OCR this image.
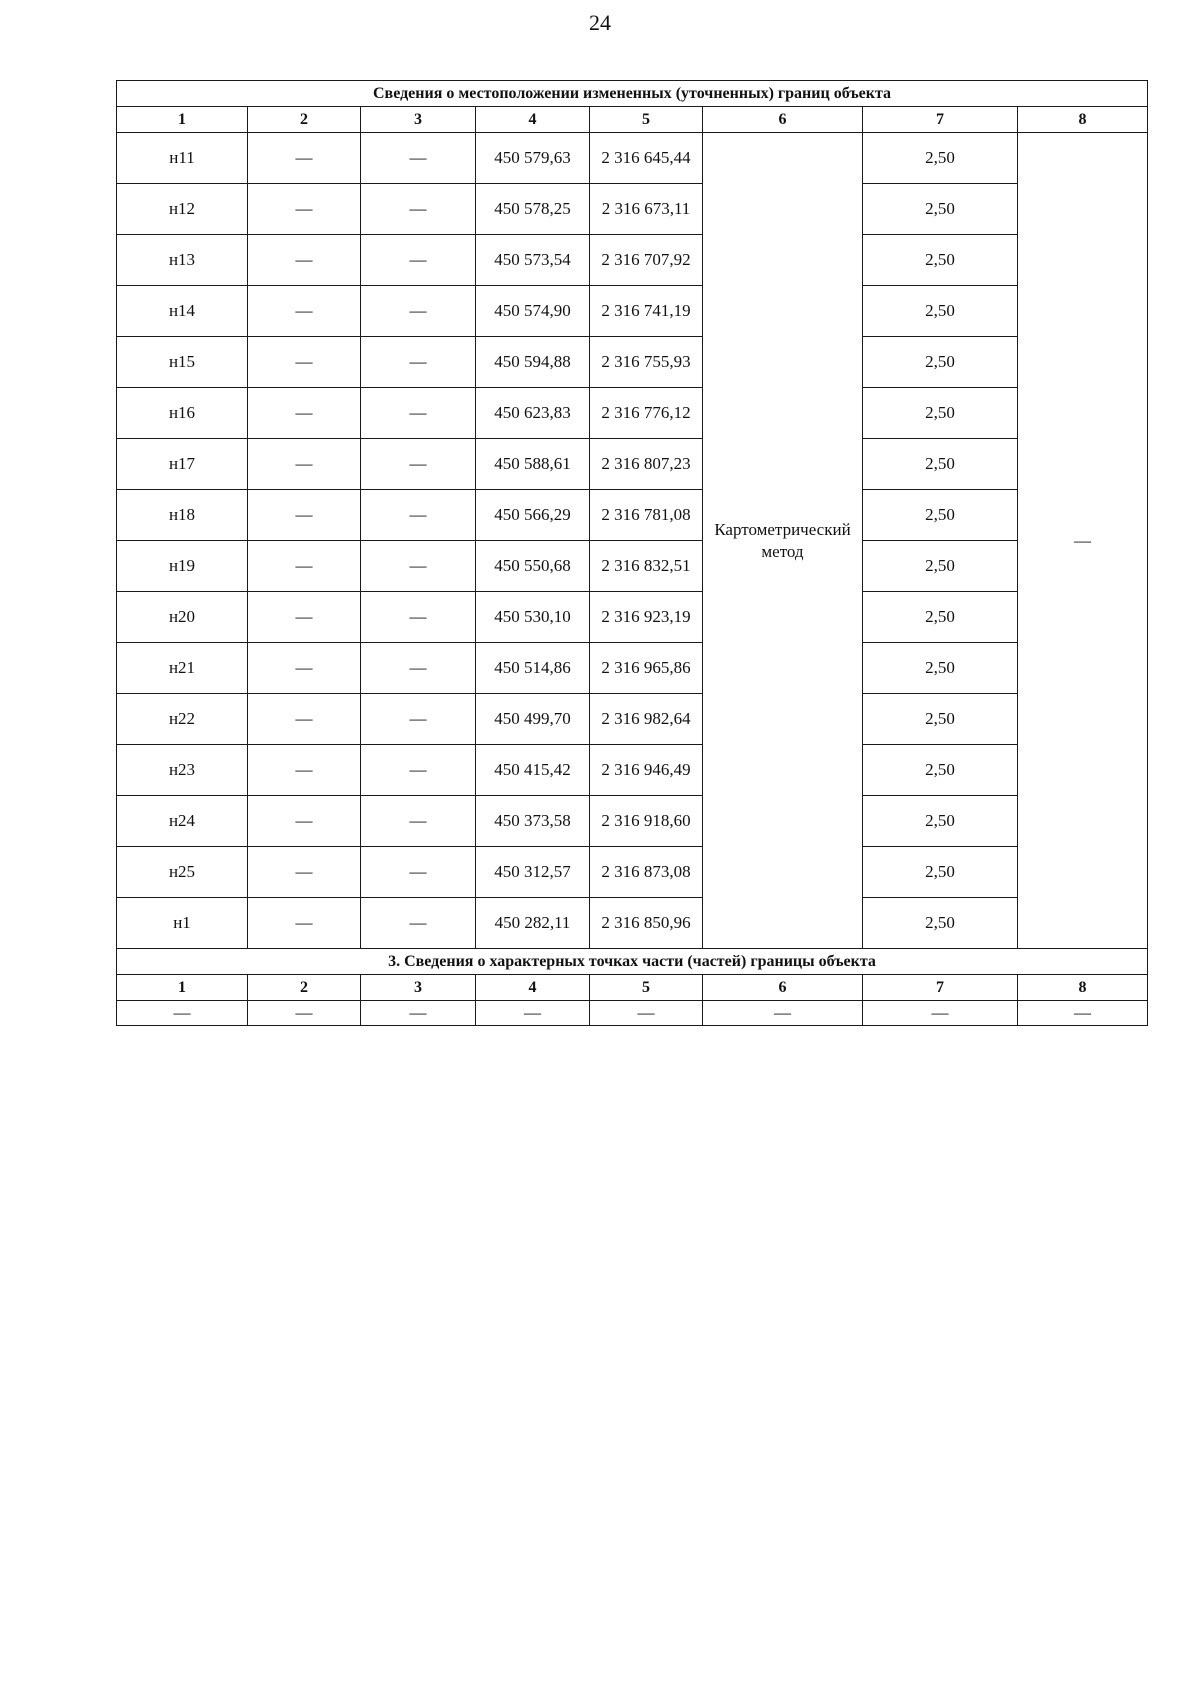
24
Сведения о местоположении измененных (уточненных) границ объекта							
1	2	3	4	5	6	7	8
н11	—	—	450 579,63	2 316 645,44	Картометрический метод	2,50	—
н12	—	—	450 578,25	2 316 673,11		2,50	
н13	—	—	450 573,54	2 316 707,92		2,50	
н14	—	—	450 574,90	2 316 741,19		2,50	
н15	—	—	450 594,88	2 316 755,93		2,50	
н16	—	—	450 623,83	2 316 776,12		2,50	
н17	—	—	450 588,61	2 316 807,23		2,50	
н18	—	—	450 566,29	2 316 781,08		2,50	
н19	—	—	450 550,68	2 316 832,51		2,50	
н20	—	—	450 530,10	2 316 923,19		2,50	
н21	—	—	450 514,86	2 316 965,86		2,50	
н22	—	—	450 499,70	2 316 982,64		2,50	
н23	—	—	450 415,42	2 316 946,49		2,50	
н24	—	—	450 373,58	2 316 918,60		2,50	
н25	—	—	450 312,57	2 316 873,08		2,50	
н1	—	—	450 282,11	2 316 850,96		2,50	
3. Сведения о характерных точках части (частей) границы объекта							
1	2	3	4	5	6	7	8
—	—	—	—	—	—	—	—
